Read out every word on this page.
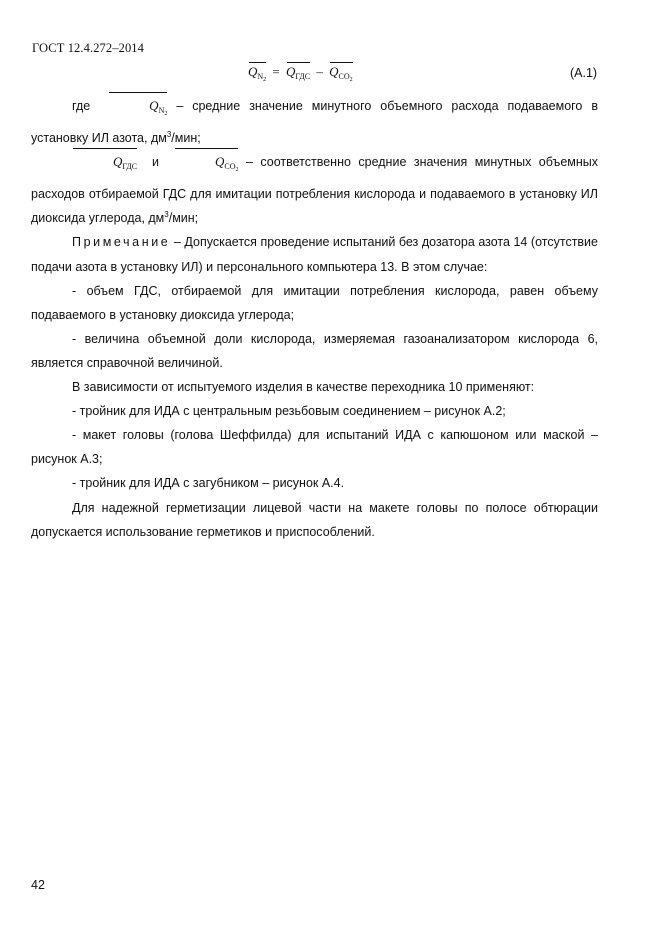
ГОСТ 12.4.272–2014
$Q_{N_2} = Q_{ГДС} - Q_{CO_2}$	(А.1)

где	$Q_{N_2}$ – средние значение минутного объемного расхода подаваемого в установку ИЛ азота, $дм^3$/мин;

$Q_{ГДС}$ и	$Q_{CO_2}$ – соответственно средние значения минутных объемных расходов отбираемой ГДС для имитации потребления кислорода и подаваемого в установку ИЛ диоксида углерода, $дм^3$/мин;

Примечание – Допускается проведение испытаний без дозатора азота 14 (отсутствие подачи азота в установку ИЛ) и персонального компьютера 13. В этом случае:

- объем ГДС, отбираемой для имитации потребления кислорода, равен объему подаваемого в установку диоксида углерода;

- величина объемной доли кислорода, измеряемая газоанализатором кислорода 6, является справочной величиной.

В зависимости от испытуемого изделия в качестве переходника 10 применяют:

- тройник для ИДА с центральным резьбовым соединением – рисунок А.2;

- макет головы (голова Шеффилда) для испытаний ИДА с капюшоном или маской – рисунок А.3;

- тройник для ИДА с загубником – рисунок А.4.

Для надежной герметизации лицевой части на макете головы по полосе обтюрации допускается использование герметиков и приспособлений.

42
